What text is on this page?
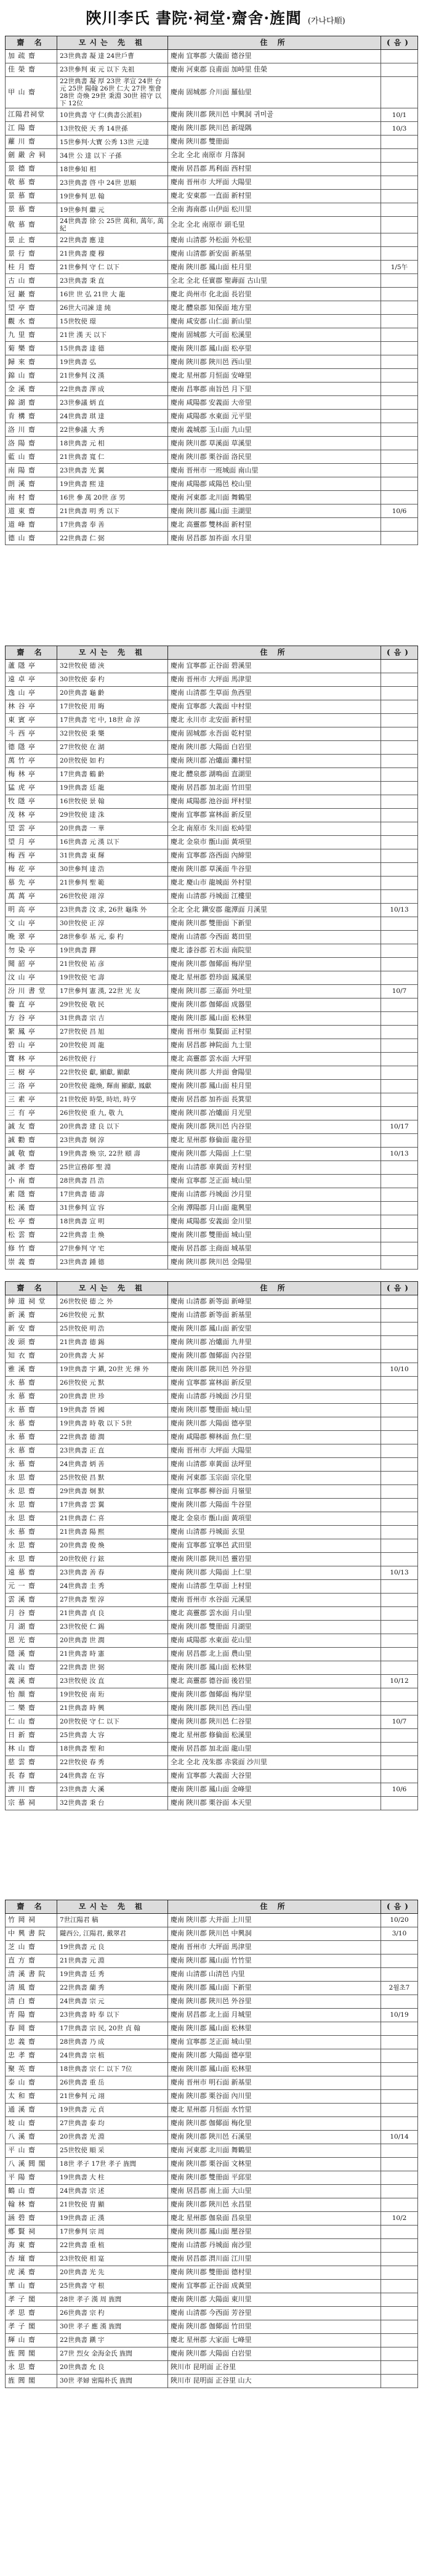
陜川李氏 書院·祠堂·齋舍·旌閭 (가나다順)
齋 名	모시는 先 祖	住 所	(음)
加 疏 齋	23世典書 凝 達 24世戶曹	慶南 宜寧郡 大儀面 德谷里	
佳 榮 齋	23世參判 東 元 以下 先祖	慶南 河東郡 良甫面 加峙里 佳榮	
甲 山 齋	22世典書 凝 厚 23世 孝宣 24世 台元 25世 陽翰 26世 仁大 27世 聖會 28世 奇煥 29世 秉淵 30世 禧守 以下 12位	慶南 固城郡 介川面 羅仙里	
江陽君祠堂	10世典書 守 仁(典書公派祖)	慶南 陜川郡 陜川邑 中興洞 귀미골	10/1
江 陽 齋	13世牧使 天 秀 14世孫	慶南 陜川郡 陜川邑 新堤隅	10/3
蘿 川 齋	15世參判·大寶 公秀 13世 元達	慶南 陜川郡 雙冊面	
劍 嚴 舍 祠	34世 公 達 以下 子孫	全北 全北 南原市 月落洞	
景 德 齋	18世參知 相	慶南 居昌郡 馬利面 西村里	
敬 慕 齋	23世典書 啓 中 24世 思順	慶南 晋州市 大坪面 大陽里	
景 慕 齋	19世參判 思 翰	慶北 安東郡 一直面 新村里	
景 慕 齋	19世參判 繼 元	全南 海南郡 山伊面 松川里	
敬 慕 齋	24世典書 徐 公 25世 萬和, 萬年, 萬紀	全北 全北 南原市 頭毛里	
景 止 齋	22世典書 應 達	慶南 山清郡 外松面 外松里	
景 行 齋	21世典書 慶 穆	慶南 山清郡 新安面 新基里	
桂 月 齋	21世參判 守 仁 以下	慶南 陜川郡 鳳山面 桂月里	1/5午
古 山 齋	23世典書 秉 直	全北 全北 任實郡 聖壽面 古山里	
冠 巖 齋	16世 世 弘 21世 大 龍	慶北 尚州市 化北面 長岩里	
望 亭 齋	26世大司諫 達 純	慶北 醴泉郡 知保面 地方里	
觀 水 齋	15世牧使 璟	慶南 咸安郡 山仁面 新山里	
九 里 齋	21世 漢 天 以下	慶南 固城郡 大可面 松溪里	
菊 樂 齋	15世典書 達 德	慶南 陜川郡 鳳山面 松亭里	
歸 來 齋	19世典書 弘	慶南 陜川郡 陜川邑 西山里	
錦 山 齋	21世參判 汶 漢	慶北 星州郡 月恒面 安峰里	
金 溪 齋	22世典書 澤 成	慶南 昌寧郡 南旨邑 月下里	
錦 湖 齋	23世參議 炳 直	慶南 咸陽郡 安義面 大帝里	
肯 構 齋	24世典書 琪 達	慶南 咸陽郡 水東面 元平里	
洛 川 齋	22世參議 大 秀	慶南 義城郡 玉山面 九山里	
洛 陽 齋	18世典書 元 相	慶南 陜川郡 草溪面 草溪里	
藍 山 齋	21世典書 寬 仁	慶南 陜川郡 栗谷面 洛民里	
南 陽 齋	23世典書 光 翼	慶南 晋州市 一班城面 南山里	
朗 溪 齋	19世典書 熙 達	慶南 咸陽郡 咸陽邑 校山里	
南 村 齋	16世 參 萬 20世 彦 男	慶南 河東郡 北川面 舞鶴里	
道 東 齋	21世典書 明 秀 以下	慶南 陜川郡 鳳山面 圭湖里	10/6
道 峰 齋	17世典書 奉 善	慶北 高靈郡 雙林面 新村里	
德 山 齋	22世典書 仁 弼	慶南 居昌郡 加祚面 水月里	
齋 名	모시는 先 祖	住 所	(음)
蘆 隱 亭	32世牧使 德 浹	慶南 宜寧郡 正谷面 碧溪里	
遠 卓 亭	30世牧使 泰 杓	慶南 晋州市 大坪面 馬津里	
逸 山 亭	20世典書 龜 齡	慶南 山清郡 生草面 魚西里	
林 谷 亭	17世牧使 用 晦	慶南 宜寧郡 大義面 中村里	
東 賓 亭	17世典書 宅 中, 18世 命 淳	慶北 永川市 北安面 新村里	
斗 西 亭	32世牧使 秉 樂	慶南 固城郡 永吾面 乾村里	
德 隱 亭	27世牧使 在 湖	慶南 陜川郡 大陽面 白岩里	
萬 竹 亭	20世牧使 如 杓	慶南 陜川郡 冶爐面 灘村里	
梅 林 亭	17世典書 鶴 齡	慶北 醴泉郡 湖鳴面 直湖里	
猛 虎 亭	19世典書 廷 龍	慶南 居昌郡 加北面 竹田里	
牧 隱 亭	16世牧使 景 翰	慶南 咸陽郡 池谷面 坪村里	
茂 林 亭	29世牧使 達 洙	慶南 宜寧郡 富林面 新反里	
望 雲 亭	20世典書 一 華	全北 南原市 朱川面 松峙里	
望 月 亭	16世典書 元 漢 以下	慶北 金泉市 甑山面 黃項里	
梅 西 亭	31世典書 東 輝	慶南 宜寧郡 洛西面 內締里	
梅 花 亭	30世參判 達 浩	慶南 陜川郡 草溪面 牛谷里	
慕 先 亭	21世參判 聖 範	慶北 慶山市 龍城面 外村里	
萬 萬 亭	26世牧使 翊 淳	慶南 山清郡 丹城面 江樓里	
明 高 亭	23世典書 汶 求, 26世 龜珠 外	全北 全北 鎭安郡 龍潭面 月溪里	10/13
文 山 亭	30世牧使 正 淳	慶南 陜川郡 雙冊面 下新里	
晩 翠 亭	28世參奉 基 元, 泰 杓	慶南 山清郡 今西面 葛田里	
勿 染 亭	19世典書 鐸	慶北 漆谷郡 若木面 南院里	
聞 韶 亭	21世牧使 祐 彦	慶南 陜川郡 伽倻面 梅岸里	
汶 山 亭	19世牧使 宅 壽	慶北 星州郡 碧珍面 鳳溪里	
汾 川 書 堂	17世參判 憲 漢, 22世 光 友	慶南 陜川郡 三嘉面 外吐里	10/7
養 直 亭	29世牧使 敬 民	慶南 陜川郡 伽倻面 成器里	
方 谷 亭	31世典書 宗 吉	慶南 陜川郡 鳳山面 松林里	
繁 鳳 亭	27世牧使 昌 旭	慶南 晋州市 集賢面 正村里	
碧 山 亭	20世牧使 周 龍	慶南 居昌郡 神院面 九士里	
寶 林 亭	26世牧使 行	慶北 高靈郡 雲水面 大坪里	
三 樹 亭	22世牧使 獻, 顯獻, 顯獻	慶南 陜川郡 大并面 會陽里	
三 洛 亭	20世牧使 龍煥, 輝南 顯獻, 鳳獻	慶南 陜川郡 鳳山面 桂月里	
三 素 亭	21世牧使 時榮, 時培, 時亨	慶南 居昌郡 加祚面 長箕里	
三 有 亭	26世牧使 重 九, 敬 九	慶南 陜川郡 冶爐面 月光里	
誠 友 齋	20世典書 建 良 以下	慶南 陜川郡 陜川邑 内谷里	10/17
誠 勸 齋	23世典書 炯 淳	慶北 星州郡 修倫面 龍谷里	
誠 敬 齋	19世典書 煥 宗, 22世 頤 壽	慶南 陜川郡 大陽面 上仁里	10/13
誠 孝 齋	25世宣務郞 聖 淵	慶南 山清郡 車黃面 芳村里	
小 南 齋	28世典書 昌 浩	慶南 宜寧郡 芝正面 城山里	
素 隱 齋	17世典書 德 壽	慶南 山清郡 丹城面 沙月里	
松 溪 齋	31世參判 宣 容	全南 潭陽郡 月山面 龍興里	
松 亭 齋	18世典書 宣 明	慶南 咸陽郡 安義面 金川里	
松 雲 齋	22世典書 圭 煥	慶南 陜川郡 雙冊面 城山里	
修 竹 齋	27世參判 守 宅	慶南 居昌郡 主商面 城基里	
崇 義 齋	23世典書 鍾 德	慶南 陜川郡 陜川邑 金陽里	
齋 名	모시는 先 祖	住 所	(음)
紳 道 祠 堂	26世牧使 德 之 外	慶南 山清郡 新等面 新峰里	
新 溪 齋	26世牧使 元 默	慶南 山清郡 新等面 新基里	
新 安 齋	25世牧使 明 浩	慶南 陜川郡 鳳山面 新安里	
浚 頭 齋	21世典書 德 錫	慶南 陜川郡 冶爐面 九井里	
知 衣 齋	20世典書 大 昇	慶南 陜川郡 伽倻面 內谷里	
雅 溪 齋	19世典書 宇 鎭, 20世 光 燁 外	慶南 陜川郡 陜川邑 外谷里	10/10
永 慕 齋	26世牧使 元 默	慶南 宜寧郡 富林面 新反里	
永 慕 齋	20世典書 世 珍	慶南 山清郡 丹城面 沙月里	
永 慕 齋	19世典書 晉 國	慶南 陜川郡 雙冊面 城山里	
永 慕 齋	19世典書 時 敬 以下 5世	慶南 陜川郡 大陽面 德亭里	
永 慕 齋	22世典書 德 潤	慶南 咸陽郡 柳林面 魚仁里	
永 慕 齋	23世典書 正 直	慶南 晋州市 大坪面 大陽里	
永 慕 齋	24世典書 炳 善	慶南 山清郡 車黃面 法坪里	
永 思 齋	25世牧使 昌 默	慶南 河東郡 玉宗面 宗化里	
永 思 齋	29世典書 炯 默	慶南 宜寧郡 柳谷面 月嶺里	
永 思 齋	17世典書 雲 翼	慶南 陜川郡 大陽面 牛谷里	
永 思 齋	21世典書 仁 喜	慶北 金泉市 甑山面 黃項里	
永 慕 齋	21世典書 陽 熙	慶南 山清郡 丹城面 玄里	
永 思 齋	20世典書 俊 煥	慶南 宜寧郡 宜寧邑 武田里	
永 思 齋	20世牧使 行 鉉	慶南 陜川郡 陜川邑 靈岩里	
遠 慕 齋	23世典書 善 春	慶南 陜川郡 大陽面 上仁里	10/13
元 一 齋	24世典書 圭 秀	慶南 山清郡 生草面 上村里	
雲 溪 齋	27世典書 聖 淳	慶南 晋州市 水谷面 元溪里	
月 谷 齋	21世典書 貞 良	慶北 高靈郡 雲水面 月山里	
月 湖 齋	23世牧使 仁 錫	慶南 陜川郡 雙冊面 月湖里	
恩 光 齋	20世典書 世 潤	慶南 咸陽郡 水東面 花山里	
隱 溪 齋	21世典書 時 憲	慶南 居昌郡 北上面 農山里	
義 山 齋	22世典書 世 弼	慶南 陜川郡 鳳山面 松林里	
義 溪 齋	23世牧使 汝 直	慶北 高靈郡 德谷面 後岩里	10/12
怡 顔 齋	19世牧使 南 珩	慶南 陜川郡 伽倻面 梅岸里	
二 樂 齋	21世典書 時 興	慶南 陜川郡 陜川邑 西山里	
仁 山 齋	20世牧使 守 仁 以下	慶南 陜川郡 陜川邑 仁谷里	10/7
日 新 齋	25世典書 大 容	慶北 星州郡 修倫面 松溪里	
林 山 齋	18世典書 聖 和	慶南 居昌郡 加北面 龍山里	
慈 雲 齋	22世牧使 春 秀	全北 全北 茂朱郡 赤裳面 沙川里	
長 春 齋	24世典書 在 容	慶南 宜寧郡 大義面 大谷里	
濟 川 齋	23世典書 大 溪	慶南 陜川郡 鳳山面 金峰里	10/6
宗 慕 祠	32世典書 秉 台	慶南 陜川郡 栗谷面 本天里	
齋 名	모시는 先 祖	住 所	(음)
竹 岡 祠	7世江陽君 稿	慶南 陜川郡 大并面 上川里	10/20
中 興 書 院	隴西公, 江陽君, 戴翠君	慶南 陜川郡 陜川邑 中興洞	3/10
芝 山 齋	19世典書 元 良	慶南 晋州市 大坪面 馬津里	
直 方 齋	21世典書 元 淵	慶南 陜川郡 鳳山面 竹竹里	
清 溪 書 院	19世典書 廷 秀	慶南 山清郡 山清邑 内里	
清 風 齋	22世典書 蘭 秀	慶南 陜川郡 鳳山面 下新里	2월초7
清 白 齋	24世典書 宗 元	慶南 陜川郡 陜川邑 外谷里	
青 陽 齋	23世典書 時 奉 以下	慶南 居昌郡 北上面 月城里	10/19
春 岡 齋	17世典書 宗 民, 20世 貞 翰	慶南 陜川郡 鳳山面 松林里	
忠 義 齋	28世典書 乃 成	慶南 宜寧郡 芝正面 城山里	
忠 孝 齋	24世典書 宗 植	慶南 陜川郡 大陽面 德亭里	
聚 英 齋	18世典書 宗 仁 以下 7位	慶南 陜川郡 鳳山面 松林里	
泰 山 齋	26世典書 重 岳	慶南 晋州市 明石面 新基里	
太 和 齋	21世參判 元 翊	慶南 陜川郡 栗谷面 內川里	
通 溪 齋	19世典書 元 貞	慶北 星州郡 月恒面 水竹里	
坡 山 齋	27世典書 泰 均	慶南 陜川郡 伽倻面 梅化里	
八 溪 齋	20世典書 光 淵	慶南 陜川郡 陜川邑 石溪里	10/14
平 山 齋	25世牧使 順 采	慶南 河東郡 北川面 舞鶴里	
八 溪 閭 閣	18世 孝子 17世 孝子 旌閭	慶南 陜川郡 栗谷面 文林里	
平 陽 齋	19世典書 大 柱	慶南 陜川郡 雙冊面 平邱里	
鶴 山 齋	24世典書 宗 述	慶南 居昌郡 南上面 大山里	
翰 林 齋	21世牧使 胄 顯	慶南 陜川郡 陜川邑 永昌里	
涵 碧 齋	19世典書 正 漢	慶北 星州郡 伽泉面 昌泉里	10/2
鄕 賢 祠	17世參判 宗 周	慶南 陜川郡 鳳山面 壓谷里	
海 東 齋	22世典書 重 植	慶南 山清郡 丹城面 南沙里	
杏 壇 齋	23世牧使 相 寔	慶南 居昌郡 渭川面 江川里	
虎 溪 齋	20世典書 光 先	慶南 陜川郡 雙冊面 德村里	
華 山 齋	25世典書 守 根	慶南 宜寧郡 正谷面 成黃里	
孝 子 閣	28世 孝子 漢 周 旌閭	慶南 陜川郡 大陽面 東川里	
孝 思 齋	26世典書 宗 杓	慶南 山清郡 今西面 芳谷里	
孝 子 閣	30世 孝子 應 漢 旌閭	慶南 陜川郡 伽倻面 竹田里	
輝 山 齋	22世典書 鎭 宇	慶北 星州郡 大家面 七峰里	
旌 閭 閣	27世 烈女 金海金氏 旌閭	慶南 陜川郡 大陽面 白岩里	
永 思 齋	20世典書 允 良	陜川市 昆明面 正谷里	
旌 閭 閣	30世 孝婦 密陽朴氏 旌閭	陜川市 昆明面 正谷里 山大	
